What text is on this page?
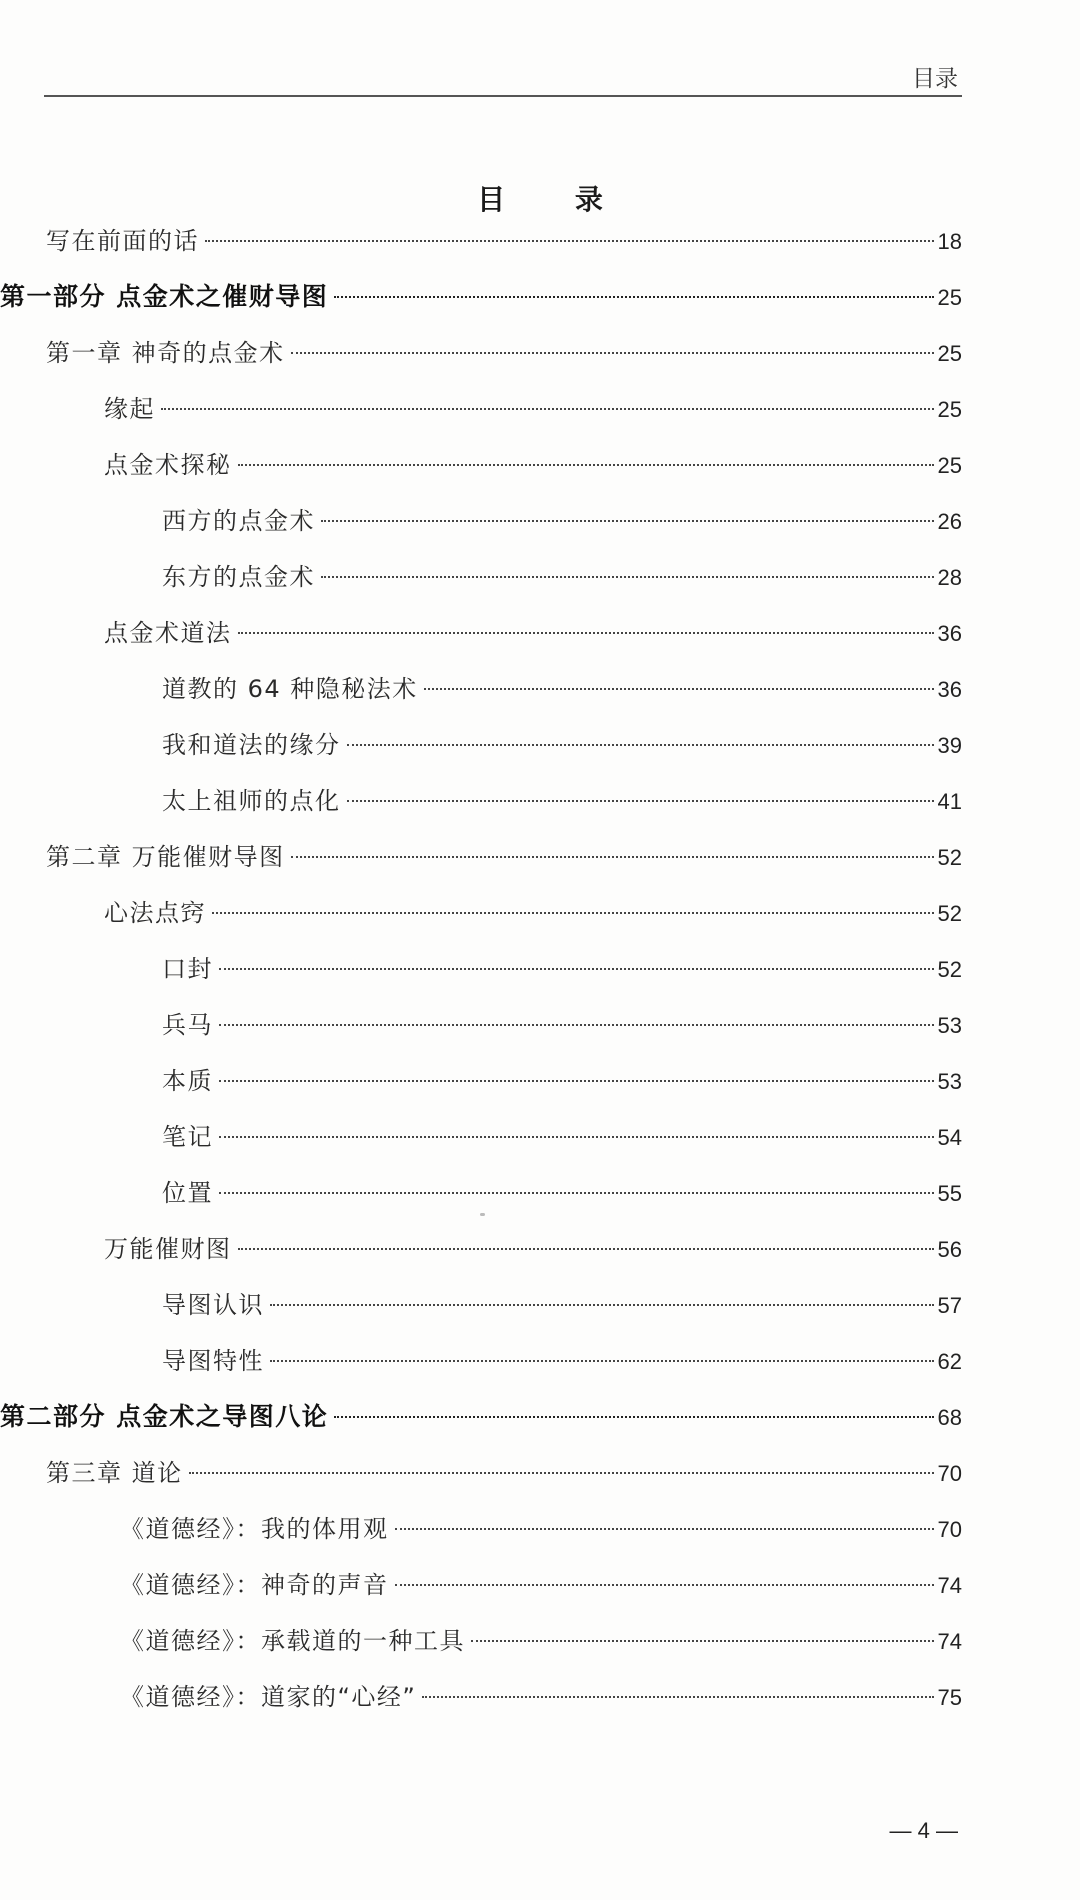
目录
目 录
写在前面的话	18
第一部分 点金术之催财导图	25
第一章 神奇的点金术	25
缘起	25
点金术探秘	25
西方的点金术	26
东方的点金术	28
点金术道法	36
道教的 64 种隐秘法术	36
我和道法的缘分	39
太上祖师的点化	41
第二章 万能催财导图	52
心法点窍	52
口封	52
兵马	53
本质	53
笔记	54
位置	55
万能催财图	56
导图认识	57
导图特性	62
第二部分 点金术之导图八论	68
第三章 道论	70
《道德经》：我的体用观	70
《道德经》：神奇的声音	74
《道德经》：承载道的一种工具	74
《道德经》：道家的“心经”	75
— 4 —
